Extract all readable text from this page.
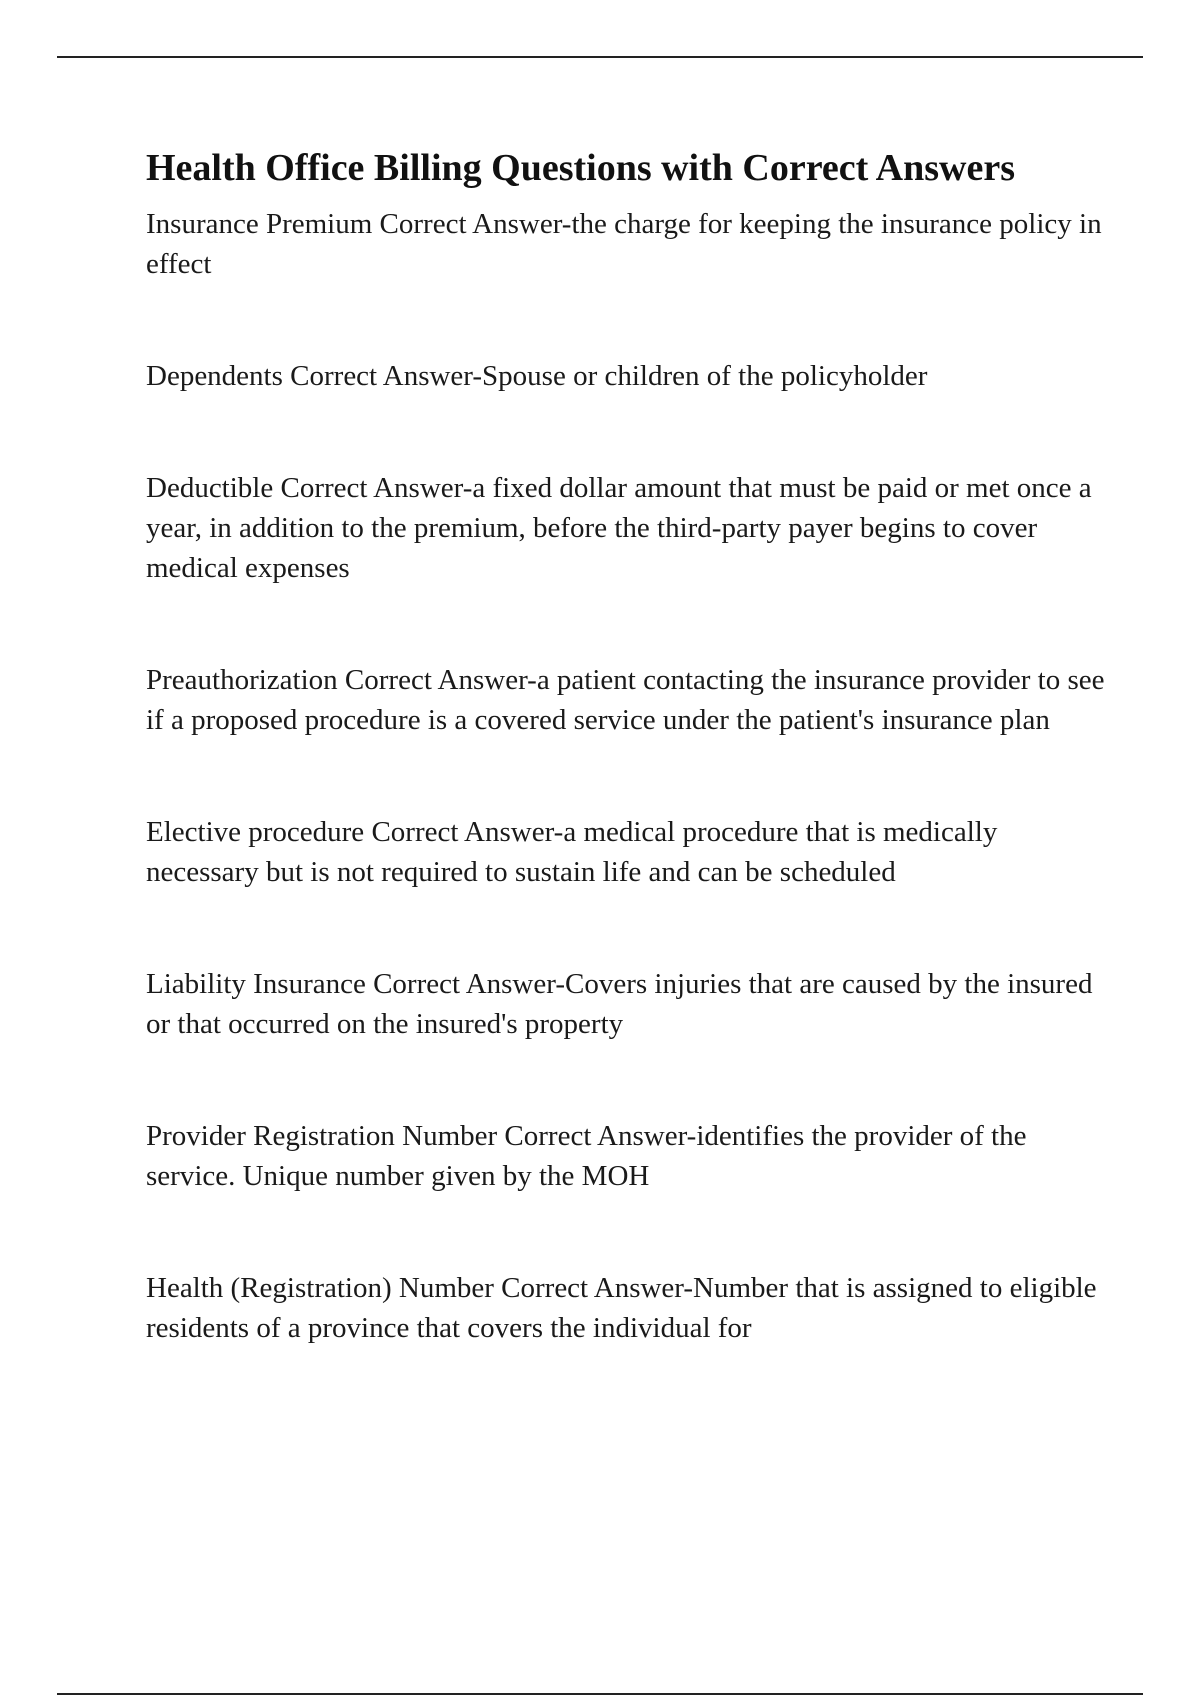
Health Office Billing Questions with Correct Answers

Insurance Premium Correct Answer-the charge for keeping the insurance policy in effect

Dependents Correct Answer-Spouse or children of the policyholder

Deductible Correct Answer-a fixed dollar amount that must be paid or met once a year, in addition to the premium, before the third-party payer begins to cover medical expenses

Preauthorization Correct Answer-a patient contacting the insurance provider to see if a proposed procedure is a covered service under the patient's insurance plan

Elective procedure Correct Answer-a medical procedure that is medically necessary but is not required to sustain life and can be scheduled

Liability Insurance Correct Answer-Covers injuries that are caused by the insured or that occurred on the insured's property

Provider Registration Number Correct Answer-identifies the provider of the service. Unique number given by the MOH

Health (Registration) Number Correct Answer-Number that is assigned to eligible residents of a province that covers the individual for
